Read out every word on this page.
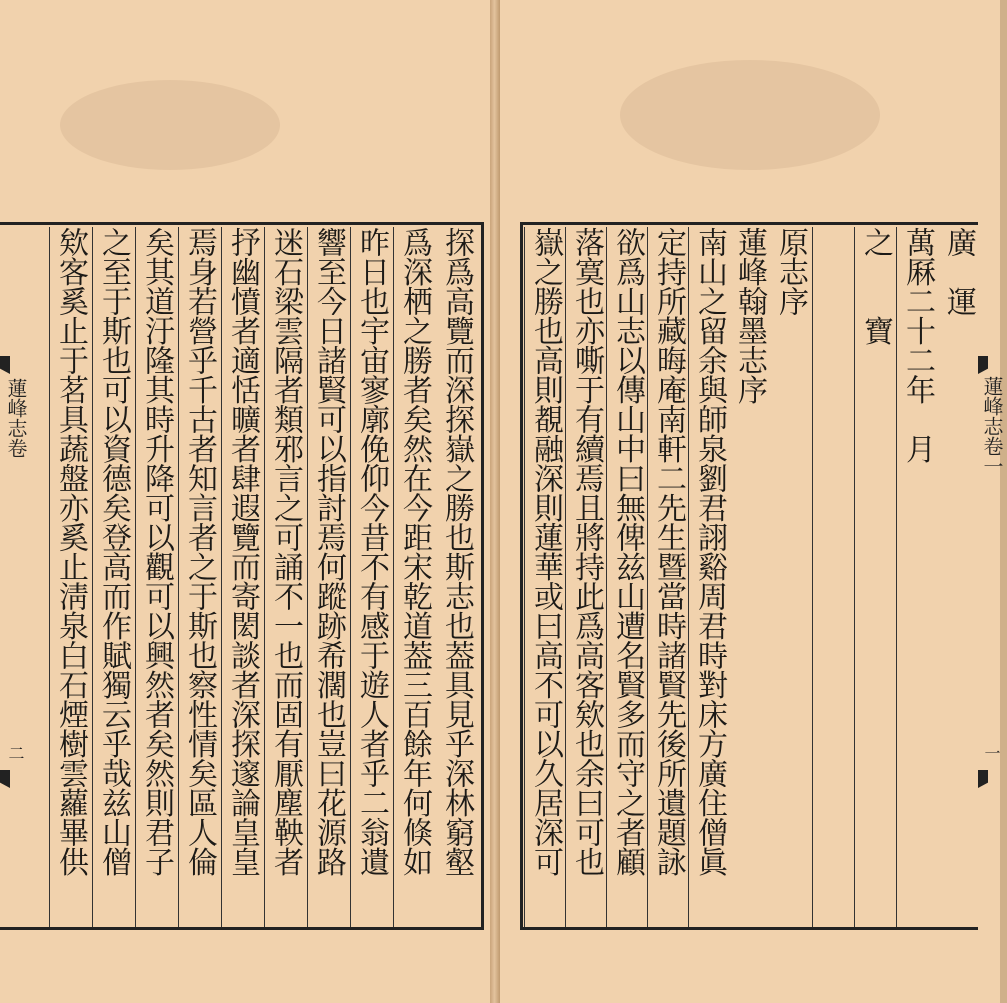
探爲高覽而深探嶽之勝也斯志也葢具見乎深林窮壑
爲深栖之勝者矣然在今距宋乾道葢三百餘年何倏如
昨日也宇宙寥廓俛仰今昔不有感于遊人者乎二翁遺
響至今日諸賢可以指討焉何蹤跡希濶也豈曰花源路
迷石梁雲隔者類邪言之可誦不一也而固有厭塵鞅者
抒幽憤者適恬曠者肆遐覽而寄閎談者深探邃論皇皇
焉身若營乎千古者知言者之于斯也察性情矣區人倫
矣其道汙隆其時升降可以觀可以興然者矣然則君子
之至于斯也可以資德矣登高而作賦獨云乎哉兹山僧
欸客奚止于茗具蔬盤亦奚止淸泉白石煙樹雲蘿畢供
蓮峰志卷
二
廣　運
萬厤二十二年　月
之　　寶
原志序
蓮峰翰墨志序
南山之留余與師泉劉君詡谿周君時對床方廣住僧眞
定持所藏晦庵南軒二先生暨當時諸賢先後所遺題詠
欲爲山志以傳山中曰無俾兹山遭名賢多而守之者顧
落寞也亦嘶于有續焉且將持此爲高客欸也余曰可也
嶽之勝也高則覩融深則蓮華或曰高不可以久居深可	蓮峰志卷一
一
